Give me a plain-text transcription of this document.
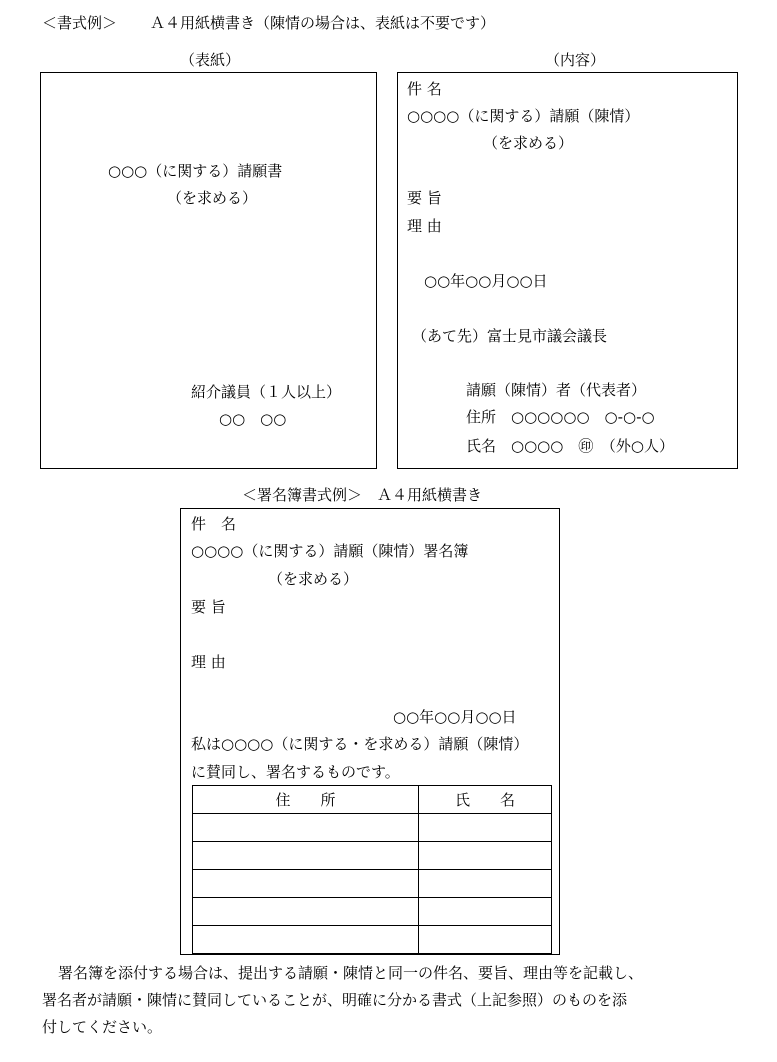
＜書式例＞ Ａ４用紙横書き（陳情の場合は、表紙は不要です）
（表紙）
○○○（に関する）請願書
（を求める）
紹介議員（１人以上）
○○　○○
（内容）
件 名
○○○○（に関する）請願（陳情）
（を求める）
要 旨
理 由
○○年○○月○○日
（あて先）富士見市議会議長
請願（陳情）者（代表者）
住所　○○○○○○　○-○-○
氏名　○○○○　㊞　（外○人）
＜署名簿書式例＞　Ａ４用紙横書き
件　名
○○○○（に関する）請願（陳情）署名簿
（を求める）
要 旨
理 由
○○年○○月○○日
私は○○○○（に関する・を求める）請願（陳情）
に賛同し、署名するものです。
住　　所	氏　　名

署名簿を添付する場合は、提出する請願・陳情と同一の件名、要旨、理由等を記載し、
署名者が請願・陳情に賛同していることが、明確に分かる書式（上記参照）のものを添
付してください。
